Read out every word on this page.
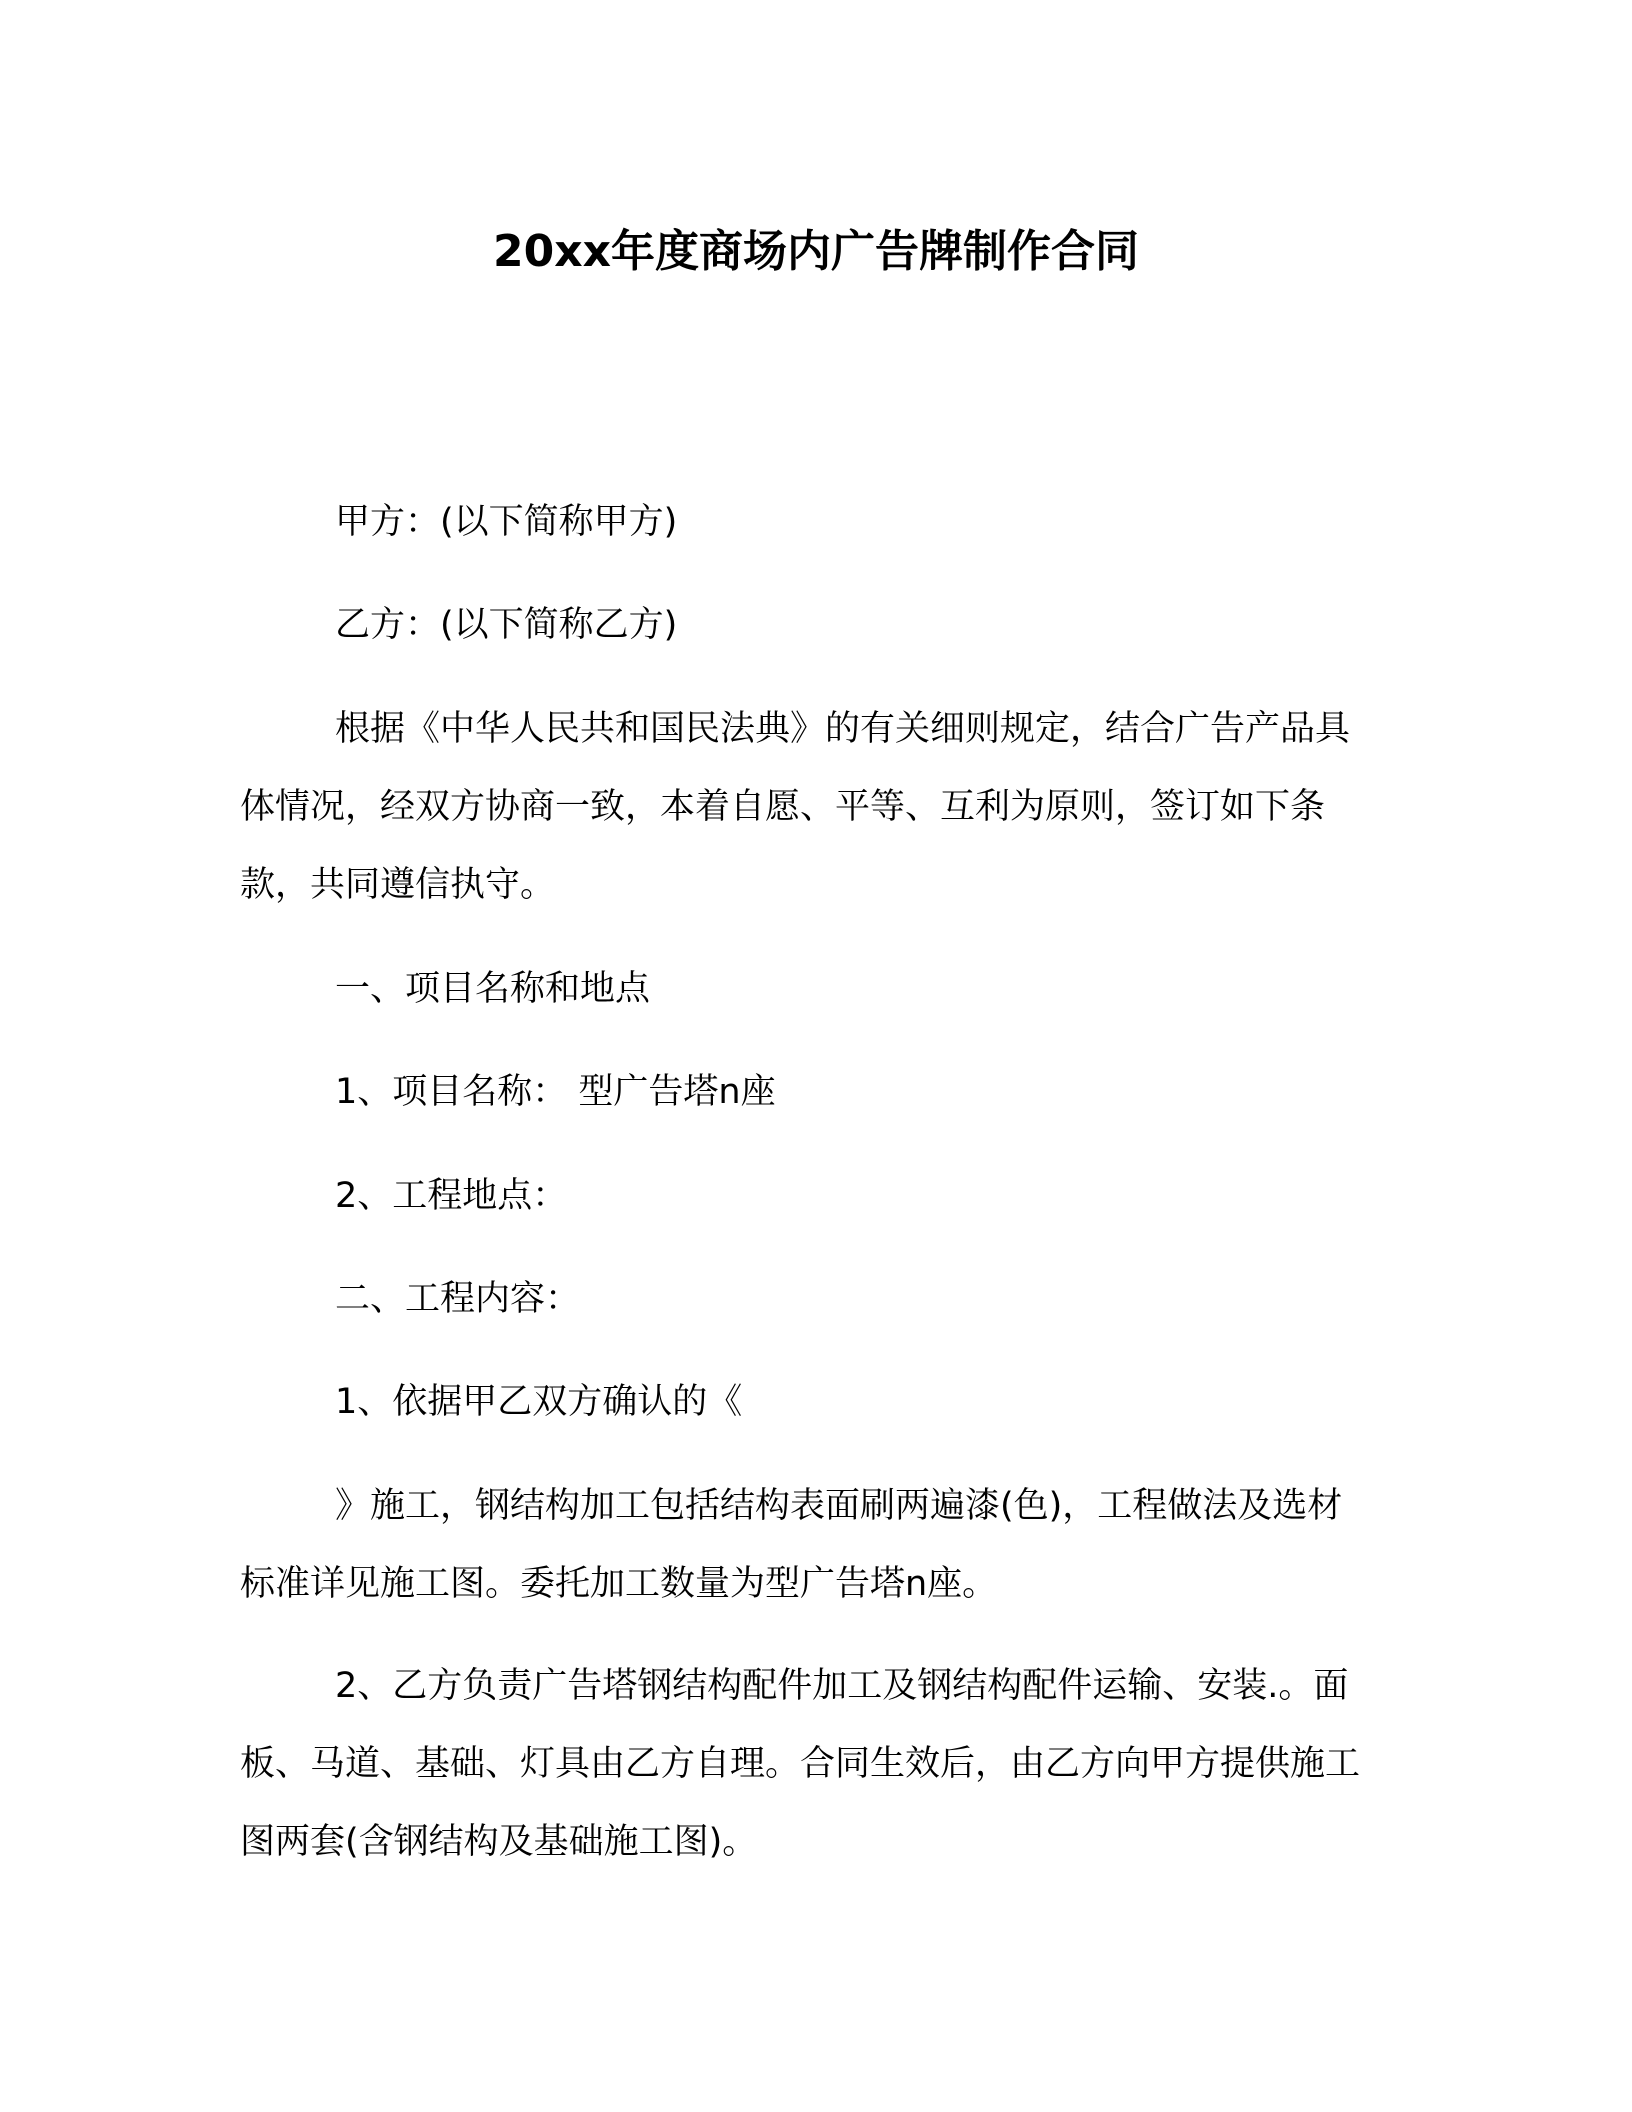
20xx年度商场内广告牌制作合同

甲方：(以下简称甲方)

乙方：(以下简称乙方)

根据《中华人民共和国民法典》的有关细则规定，结合广告产品具体情况，经双方协商一致，本着自愿、平等、互利为原则，签订如下条款，共同遵信执守。

一、项目名称和地点

1、项目名称： 型广告塔n座

2、工程地点：

二、工程内容：

1、依据甲乙双方确认的《

》施工，钢结构加工包括结构表面刷两遍漆(色)，工程做法及选材标准详见施工图。委托加工数量为型广告塔n座。

2、乙方负责广告塔钢结构配件加工及钢结构配件运输、安装.。面板、马道、基础、灯具由乙方自理。合同生效后，由乙方向甲方提供施工图两套(含钢结构及基础施工图)。
